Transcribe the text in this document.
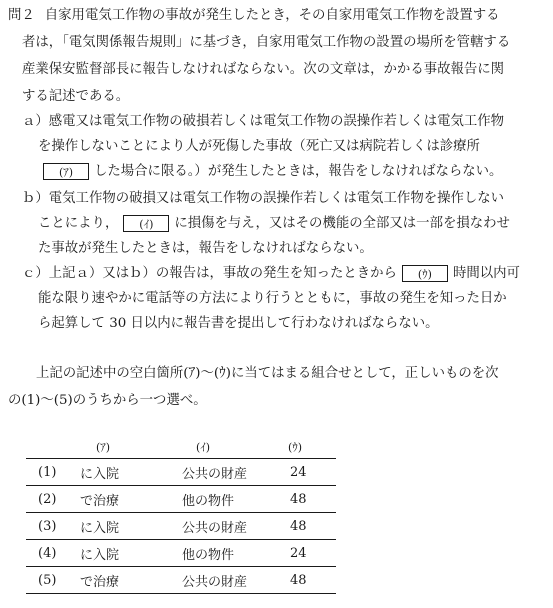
問２ 自家用電気工作物の事故が発生したとき，その自家用電気工作物を設置する
者は，「電気関係報告規則」に基づき，自家用電気工作物の設置の場所を管轄する
産業保安監督部長に報告しなければならない。次の文章は，かかる事故報告に関
する記述である。
ａ）感電又は電気工作物の破損若しくは電気工作物の誤操作若しくは電気工作物
を操作しないことにより人が死傷した事故（死亡又は病院若しくは診療所
(ｱ) した場合に限る。）が発生したときは，報告をしなければならない。
ｂ）電気工作物の破損又は電気工作物の誤操作若しくは電気工作物を操作しない
ことにより， (ｲ) に損傷を与え，又はその機能の全部又は一部を損なわせ
た事故が発生したときは，報告をしなければならない。
ｃ）上記ａ）又はｂ）の報告は，事故の発生を知ったときから (ｳ) 時間以内可
能な限り速やかに電話等の方法により行うとともに，事故の発生を知った日か
ら起算して 30 日以内に報告書を提出して行わなければならない。
上記の記述中の空白箇所(ｱ)～(ｳ)に当てはまる組合せとして，正しいものを次
の(1)～(5)のうちから一つ選べ。
	(ｱ)	(ｲ)	(ｳ)
(1)	に入院	公共の財産	24
(2)	で治療	他の物件	48
(3)	に入院	公共の財産	48
(4)	に入院	他の物件	24
(5)	で治療	公共の財産	48
